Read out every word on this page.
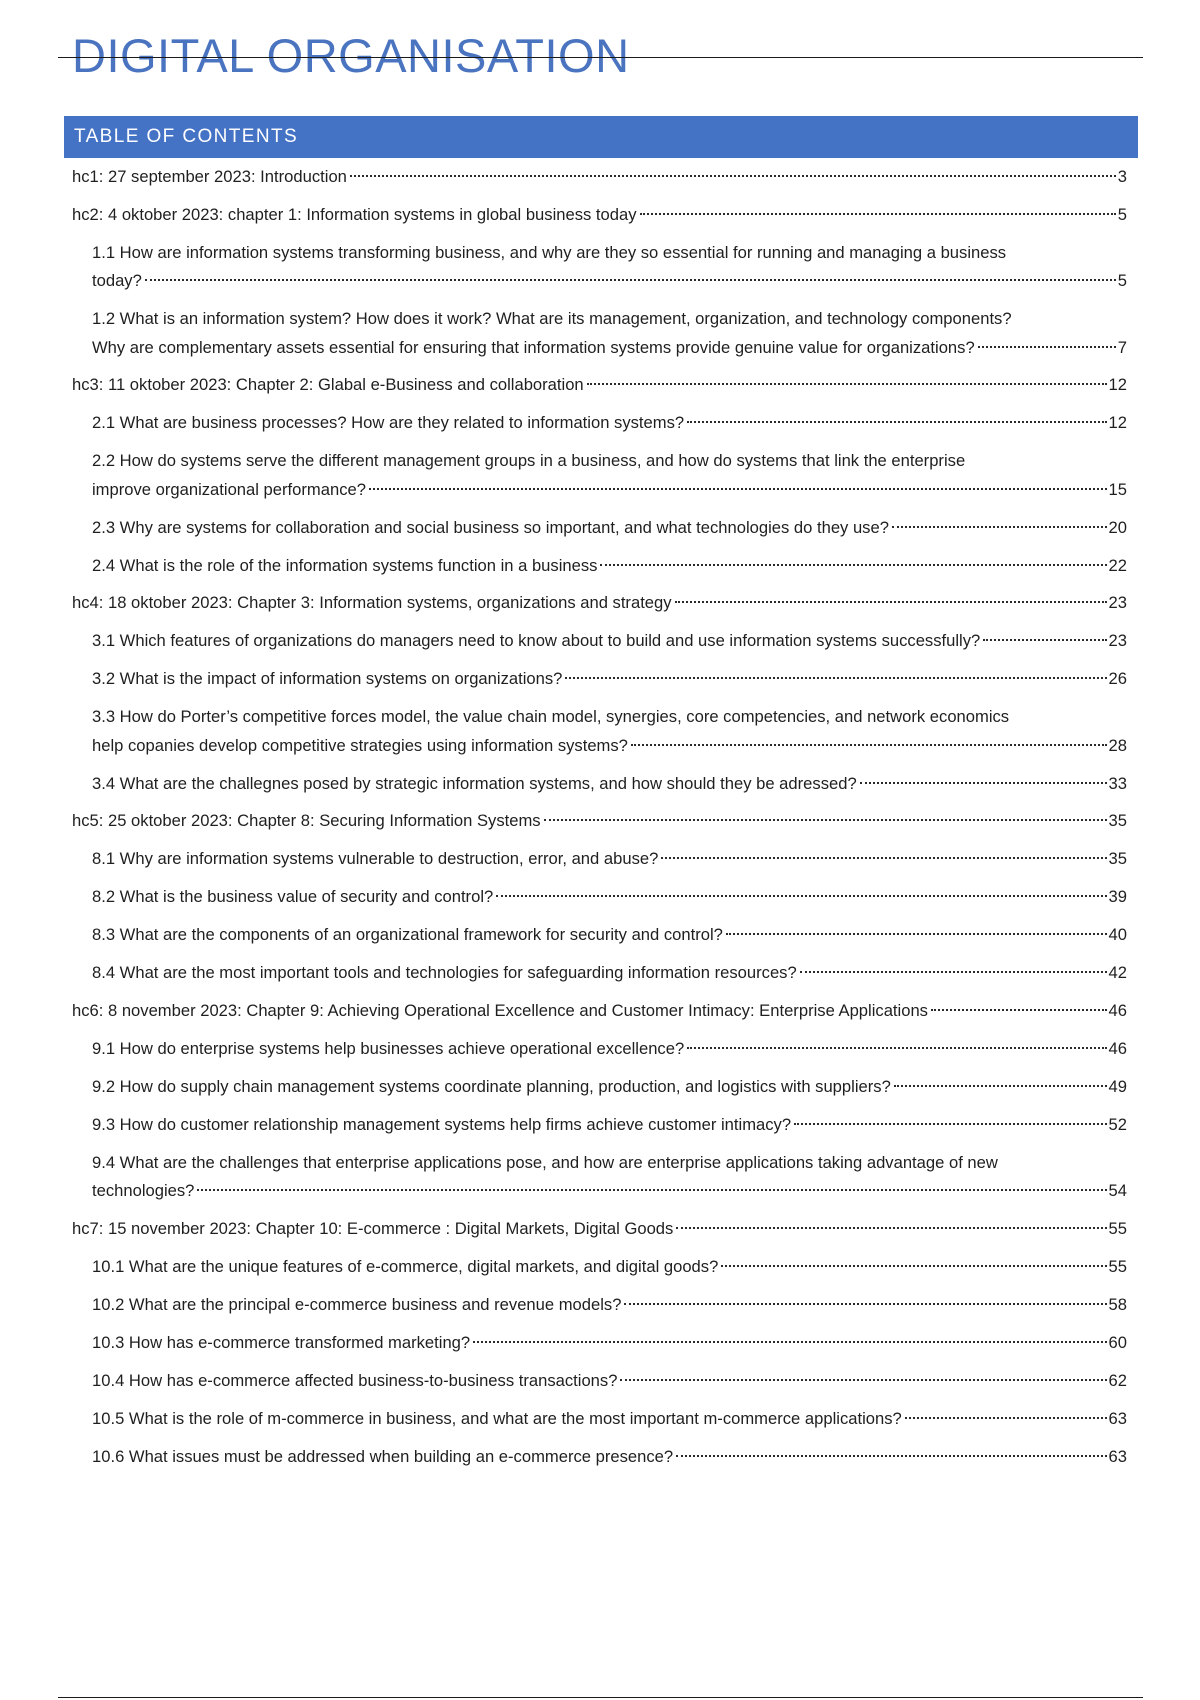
DIGITAL ORGANISATION
TABLE OF CONTENTS
hc1: 27 september 2023: Introduction	3
hc2: 4 oktober 2023: chapter 1: Information systems in global business today	5
1.1 How are information systems transforming business, and why are they so essential for running and managing a business
today?	5
1.2 What is an information system? How does it work? What are its management, organization, and technology components?
Why are complementary assets essential for ensuring that information systems provide genuine value for organizations?	7
hc3: 11 oktober 2023: Chapter 2: Glabal e-Business and collaboration	12
2.1 What are business processes? How are they related to information systems?	12
2.2 How do systems serve the different management groups in a business, and how do systems that link the enterprise
improve organizational performance?	15
2.3 Why are systems for collaboration and social business so important, and what technologies do they use?	20
2.4 What is the role of the information systems function in a business	22
hc4: 18 oktober 2023: Chapter 3: Information systems, organizations and strategy	23
3.1 Which features of organizations do managers need to know about to build and use information systems successfully?	23
3.2 What is the impact of information systems on organizations?	26
3.3 How do Porter’s competitive forces model, the value chain model, synergies, core competencies, and network economics
help copanies develop competitive strategies using information systems?	28
3.4 What are the challegnes posed by strategic information systems, and how should they be adressed?	33
hc5: 25 oktober 2023: Chapter 8: Securing Information Systems	35
8.1 Why are information systems vulnerable to destruction, error, and abuse?	35
8.2 What is the business value of security and control?	39
8.3 What are the components of an organizational framework for security and control?	40
8.4 What are the most important tools and technologies for safeguarding information resources?	42
hc6: 8 november 2023: Chapter 9: Achieving Operational Excellence and Customer Intimacy: Enterprise Applications	46
9.1 How do enterprise systems help businesses achieve operational excellence?	46
9.2 How do supply chain management systems coordinate planning, production, and logistics with suppliers?	49
9.3 How do customer relationship management systems help firms achieve customer intimacy?	52
9.4 What are the challenges that enterprise applications pose, and how are enterprise applications taking advantage of new
technologies?	54
hc7: 15 november 2023: Chapter 10: E-commerce : Digital Markets, Digital Goods	55
10.1 What are the unique features of e-commerce, digital markets, and digital goods?	55
10.2 What are the principal e-commerce business and revenue models?	58
10.3 How has e-commerce transformed marketing?	60
10.4 How has e-commerce affected business-to-business transactions?	62
10.5 What is the role of m-commerce in business, and what are the most important m-commerce applications?	63
10.6 What issues must be addressed when building an e-commerce presence?	63
